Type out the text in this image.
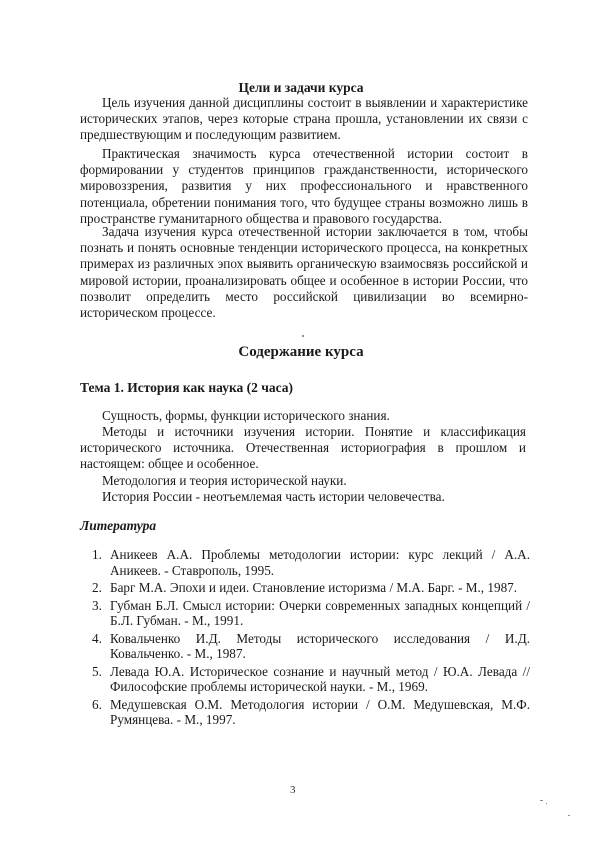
Цели и задачи курса

Цель изучения данной дисциплины состоит в выявлении и характеристике исторических этапов, через которые страна прошла, установлении их связи с предшествующим и последующим развитием.

Практическая значимость курса отечественной истории состоит в формировании у студентов принципов гражданственности, исторического мировоззрения, развития у них профессионального и нравственного потенциала, обретении понимания того, что будущее страны возможно лишь в пространстве гуманитарного общества и правового государства.

Задача изучения курса отечественной истории заключается в том, чтобы познать и понять основные тенденции исторического процесса, на конкретных примерах из различных эпох выявить органическую взаимосвязь российской и мировой истории, проанализировать общее и особенное в истории России, что позволит определить место российской цивилизации во всемирно-историческом процессе.

Содержание курса
Тема 1. История как наука (2 часа)

Сущность, формы, функции исторического знания.

Методы и источники изучения истории. Понятие и классификация исторического источника. Отечественная историография в прошлом и настоящем: общее и особенное.

Методология и теория исторической науки.

История России - неотъемлемая часть истории человечества.

Литература
1. Аникеев А.А. Проблемы методологии истории: курс лекций / А.А. Аникеев. - Ставрополь, 1995.
2. Барг М.А. Эпохи и идеи. Становление историзма / М.А. Барг. - М., 1987.
3. Губман Б.Л. Смысл истории: Очерки современных западных концепций / Б.Л. Губман. - М., 1991.
4. Ковальченко И.Д. Методы исторического исследования / И.Д. Ковальченко. - М., 1987.
5. Левада Ю.А. Историческое сознание и научный метод / Ю.А. Левада // Философские проблемы исторической науки. - М., 1969.
6. Медушевская О.М. Методология истории / О.М. Медушевская, М.Ф. Румянцева. - М., 1997.
3
